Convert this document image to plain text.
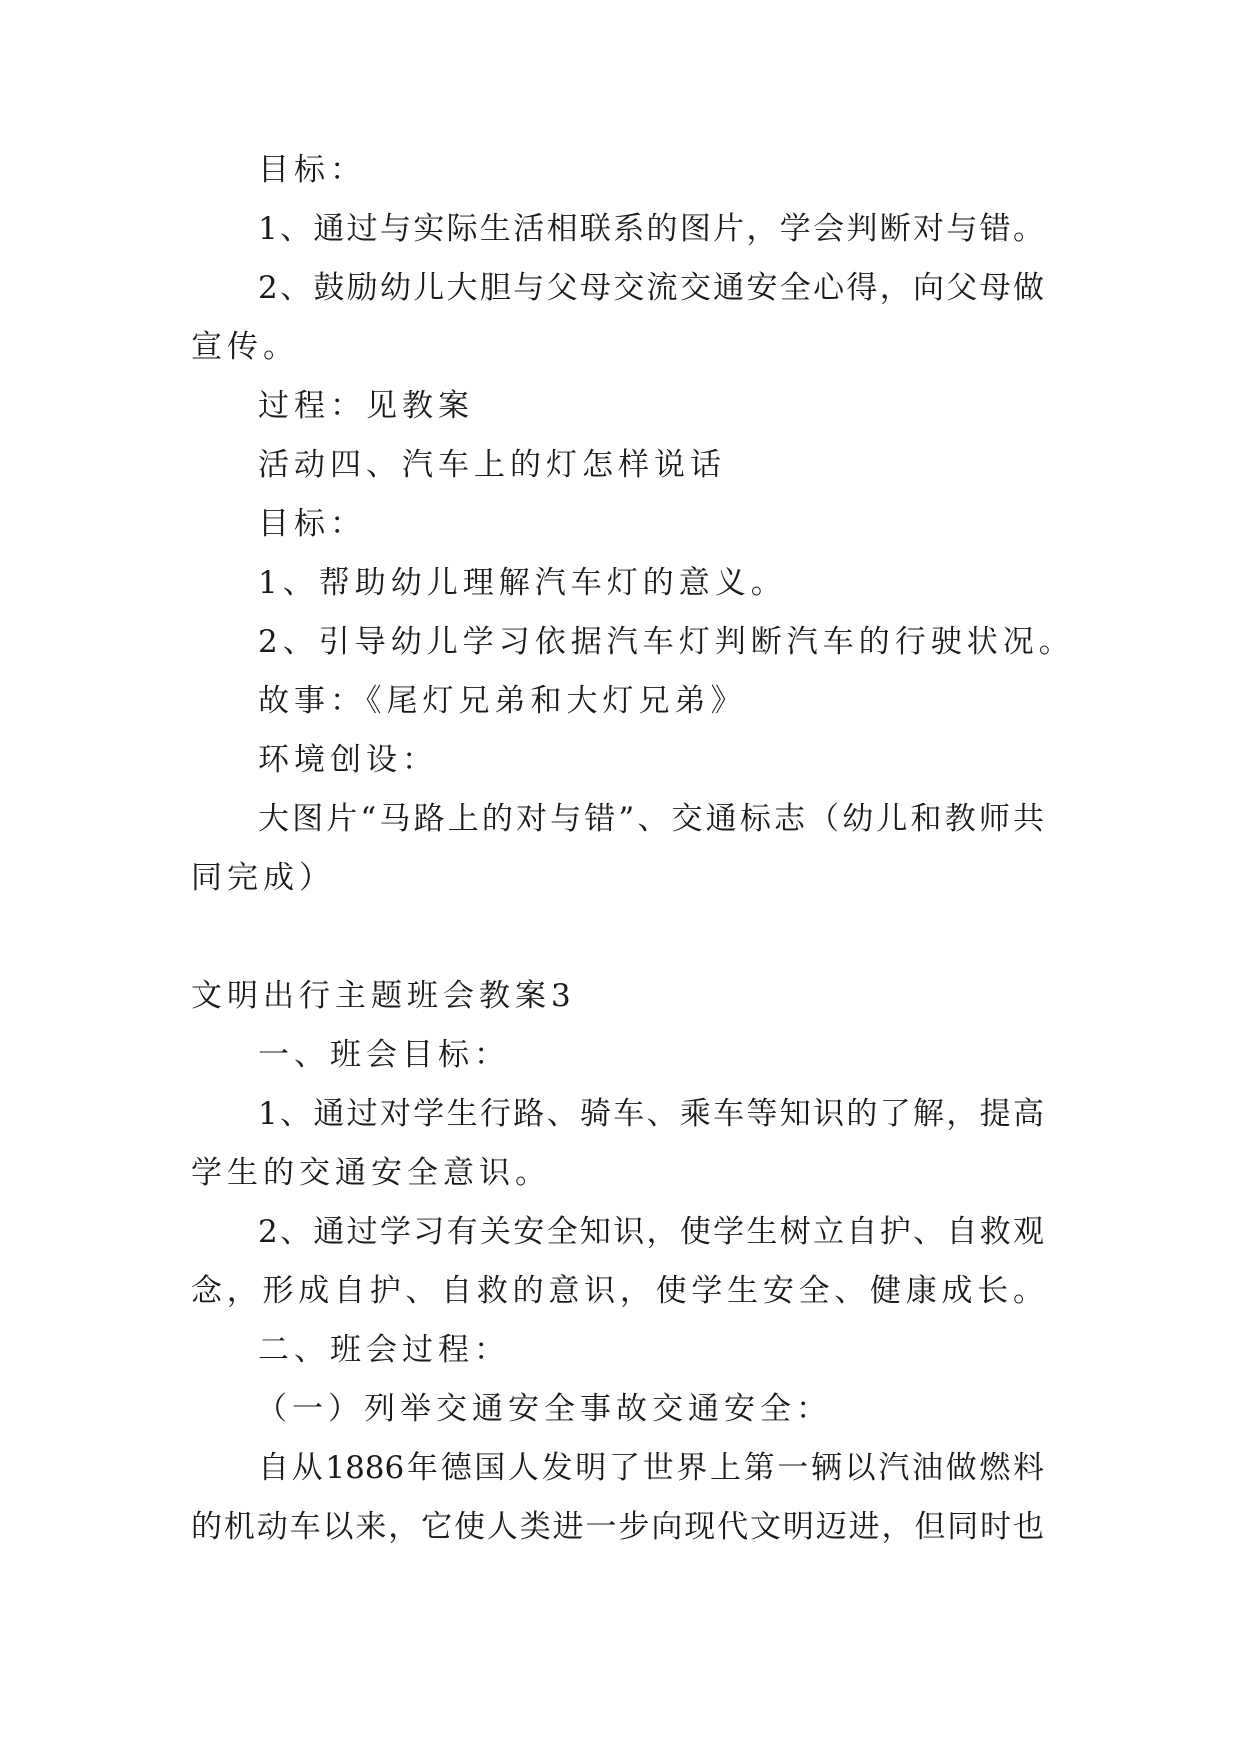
目标：
1、通过与实际生活相联系的图片，学会判断对与错。
2、鼓励幼儿大胆与父母交流交通安全心得，向父母做
宣传。
过程：见教案
活动四、汽车上的灯怎样说话
目标：
1、帮助幼儿理解汽车灯的意义。
2、引导幼儿学习依据汽车灯判断汽车的行驶状况。
故事：《尾灯兄弟和大灯兄弟》
环境创设：
大图片“马路上的对与错”、交通标志（幼儿和教师共
同完成）
文明出行主题班会教案3
一、班会目标：
1、通过对学生行路、骑车、乘车等知识的了解，提高
学生的交通安全意识。
2、通过学习有关安全知识，使学生树立自护、自救观
念，形成自护、自救的意识，使学生安全、健康成长。
二、班会过程：
（一）列举交通安全事故交通安全：
自从1886年德国人发明了世界上第一辆以汽油做燃料
的机动车以来，它使人类进一步向现代文明迈进，但同时也
